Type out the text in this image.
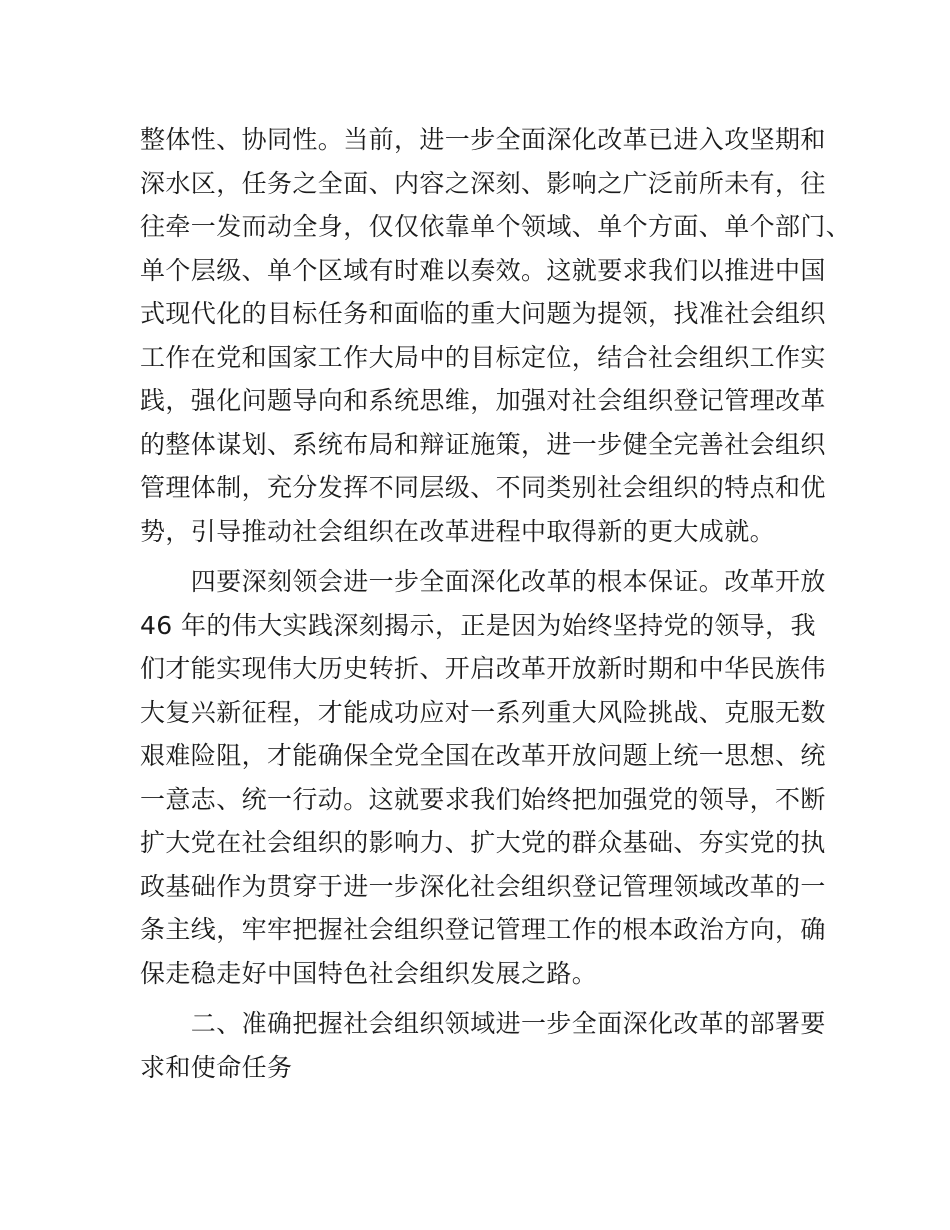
整体性、协同性。当前，进一步全面深化改革已进入攻坚期和
深水区，任务之全面、内容之深刻、影响之广泛前所未有，往
往牵一发而动全身，仅仅依靠单个领域、单个方面、单个部门、
单个层级、单个区域有时难以奏效。这就要求我们以推进中国
式现代化的目标任务和面临的重大问题为提领，找准社会组织
工作在党和国家工作大局中的目标定位，结合社会组织工作实
践，强化问题导向和系统思维，加强对社会组织登记管理改革
的整体谋划、系统布局和辩证施策，进一步健全完善社会组织
管理体制，充分发挥不同层级、不同类别社会组织的特点和优
势，引导推动社会组织在改革进程中取得新的更大成就。
　　四要深刻领会进一步全面深化改革的根本保证。改革开放
46 年的伟大实践深刻揭示，正是因为始终坚持党的领导，我
们才能实现伟大历史转折、开启改革开放新时期和中华民族伟
大复兴新征程，才能成功应对一系列重大风险挑战、克服无数
艰难险阻，才能确保全党全国在改革开放问题上统一思想、统
一意志、统一行动。这就要求我们始终把加强党的领导，不断
扩大党在社会组织的影响力、扩大党的群众基础、夯实党的执
政基础作为贯穿于进一步深化社会组织登记管理领域改革的一
条主线，牢牢把握社会组织登记管理工作的根本政治方向，确
保走稳走好中国特色社会组织发展之路。
　　二、准确把握社会组织领域进一步全面深化改革的部署要
求和使命任务
